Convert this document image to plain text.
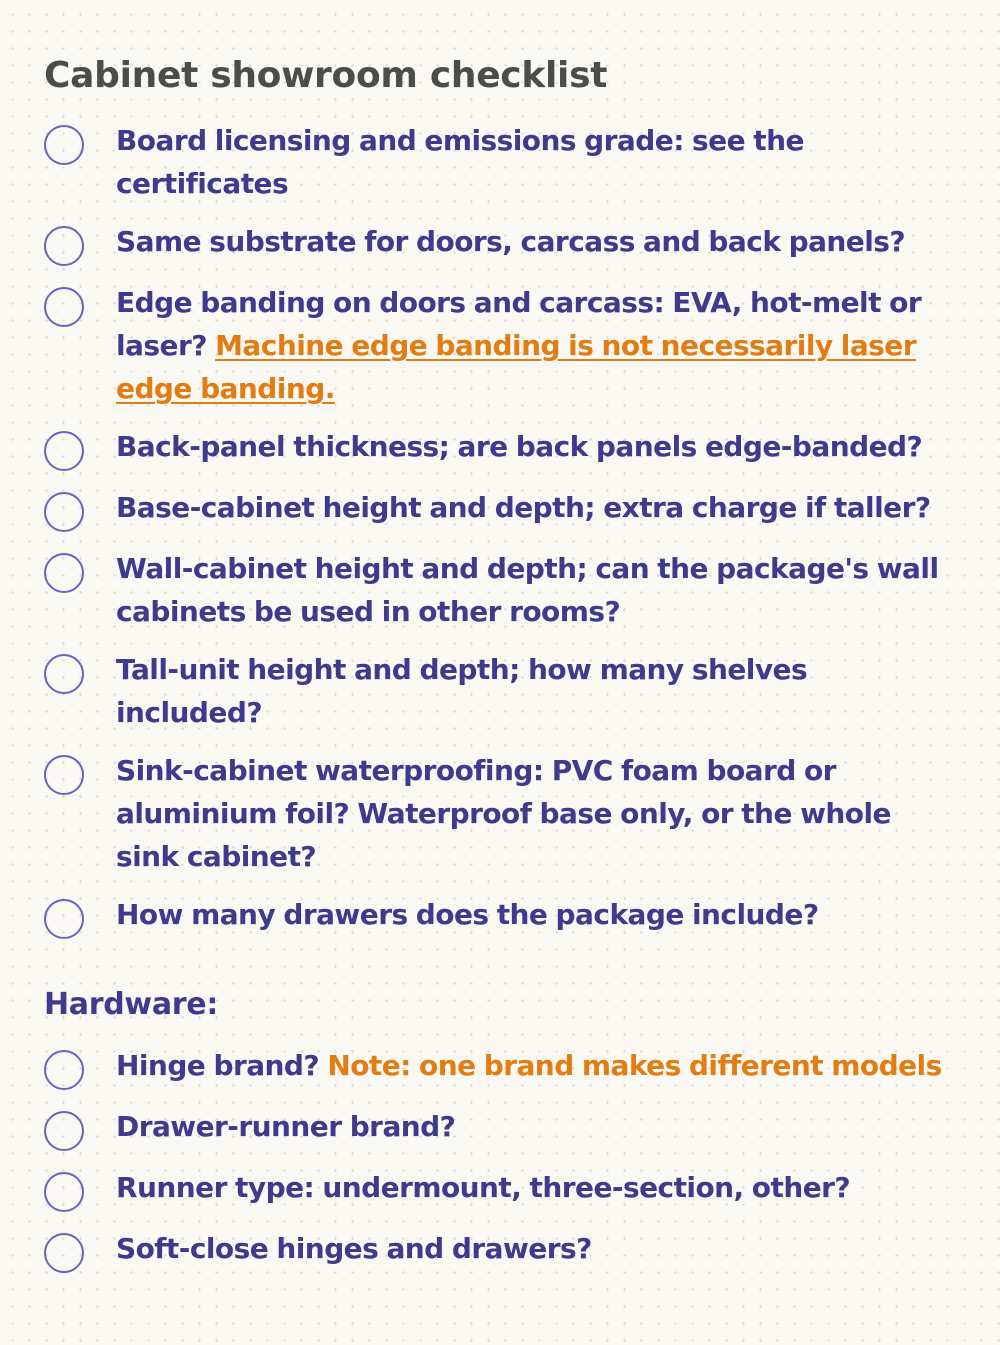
Cabinet showroom checklist
Board licensing and emissions grade: see the certificates
Same substrate for doors, carcass and back panels?
Edge banding on doors and carcass: EVA, hot-melt or laser? Machine edge banding is not necessarily laser edge banding.
Back-panel thickness; are back panels edge-banded?
Base-cabinet height and depth; extra charge if taller?
Wall-cabinet height and depth; can the package's wall cabinets be used in other rooms?
Tall-unit height and depth; how many shelves included?
Sink-cabinet waterproofing: PVC foam board or aluminium foil? Waterproof base only, or the whole sink cabinet?
How many drawers does the package include?
Hardware:
Hinge brand? Note: one brand makes different models
Drawer-runner brand?
Runner type: undermount, three-section, other?
Soft-close hinges and drawers?
